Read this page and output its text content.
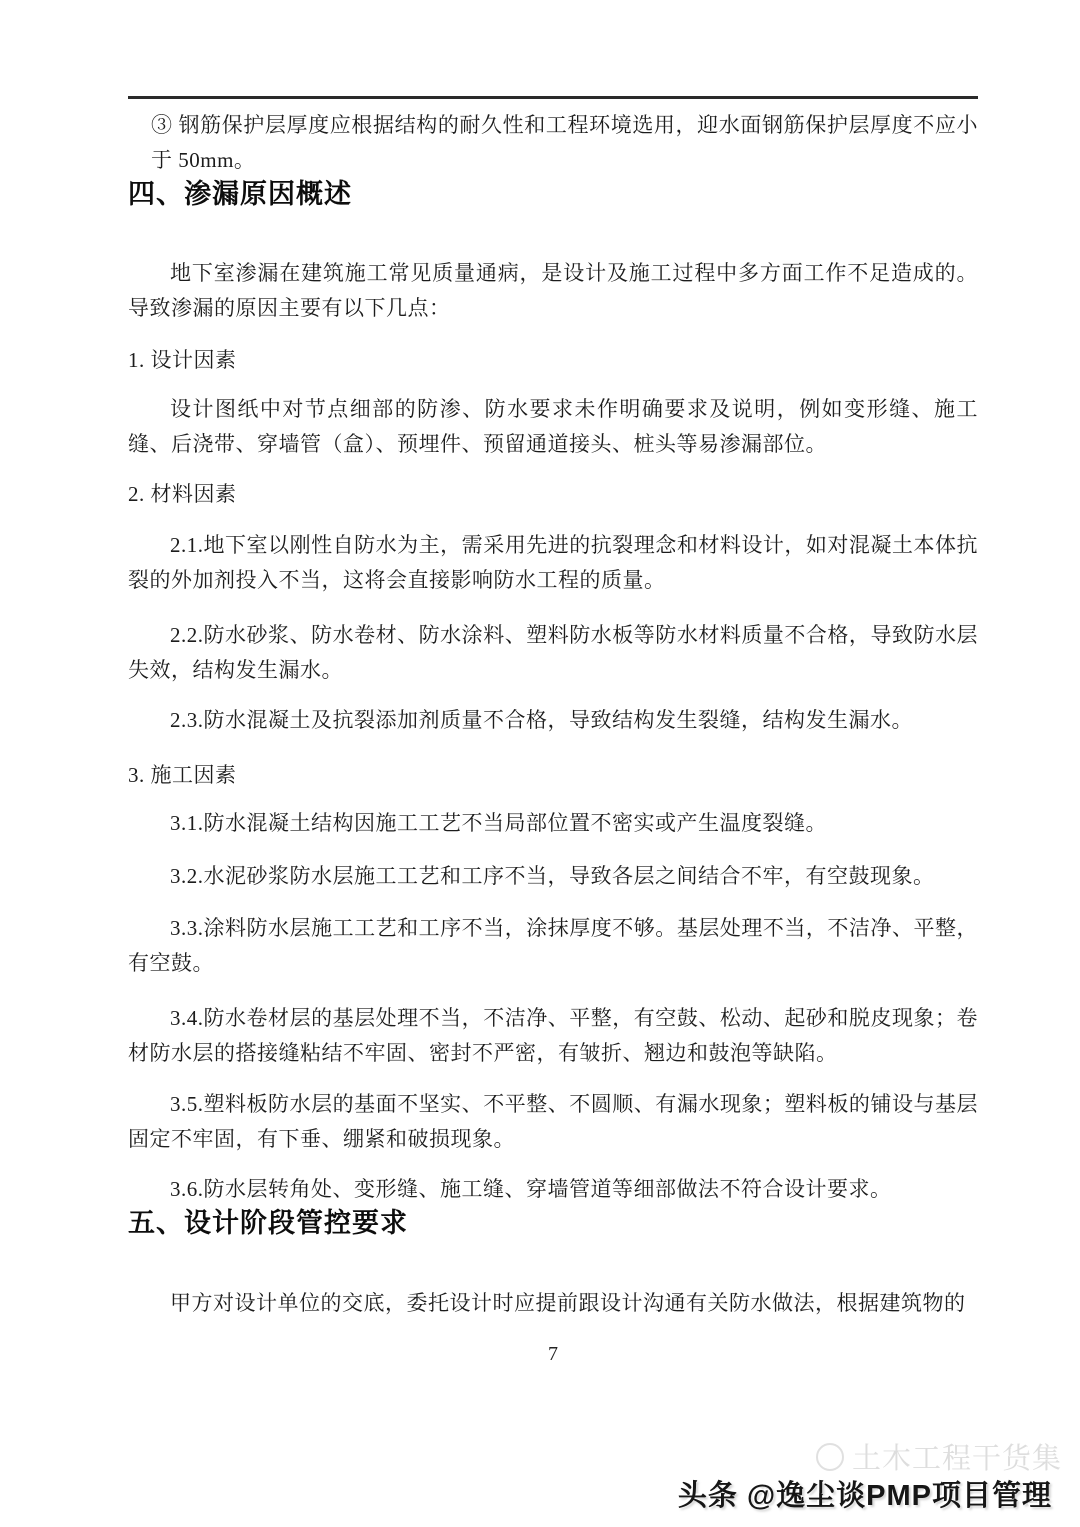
③ 钢筋保护层厚度应根据结构的耐久性和工程环境选用，迎水面钢筋保护层厚度不应小于 50mm。

四、渗漏原因概述

地下室渗漏在建筑施工常见质量通病，是设计及施工过程中多方面工作不足造成的。导致渗漏的原因主要有以下几点：

1. 设计因素

设计图纸中对节点细部的防渗、防水要求未作明确要求及说明，例如变形缝、施工缝、后浇带、穿墙管（盒）、预埋件、预留通道接头、桩头等易渗漏部位。

2. 材料因素

2.1.地下室以刚性自防水为主，需采用先进的抗裂理念和材料设计，如对混凝土本体抗裂的外加剂投入不当，这将会直接影响防水工程的质量。

2.2.防水砂浆、防水卷材、防水涂料、塑料防水板等防水材料质量不合格，导致防水层失效，结构发生漏水。

2.3.防水混凝土及抗裂添加剂质量不合格，导致结构发生裂缝，结构发生漏水。

3. 施工因素

3.1.防水混凝土结构因施工工艺不当局部位置不密实或产生温度裂缝。

3.2.水泥砂浆防水层施工工艺和工序不当，导致各层之间结合不牢，有空鼓现象。

3.3.涂料防水层施工工艺和工序不当，涂抹厚度不够。基层处理不当，不洁净、平整，有空鼓。

3.4.防水卷材层的基层处理不当，不洁净、平整，有空鼓、松动、起砂和脱皮现象；卷材防水层的搭接缝粘结不牢固、密封不严密，有皱折、翘边和鼓泡等缺陷。

3.5.塑料板防水层的基面不坚实、不平整、不圆顺、有漏水现象；塑料板的铺设与基层固定不牢固，有下垂、绷紧和破损现象。

3.6.防水层转角处、变形缝、施工缝、穿墙管道等细部做法不符合设计要求。

五、设计阶段管控要求

甲方对设计单位的交底，委托设计时应提前跟设计沟通有关防水做法，根据建筑物的

7
土木工程干货集
头条 @逸尘谈PMP项目管理
